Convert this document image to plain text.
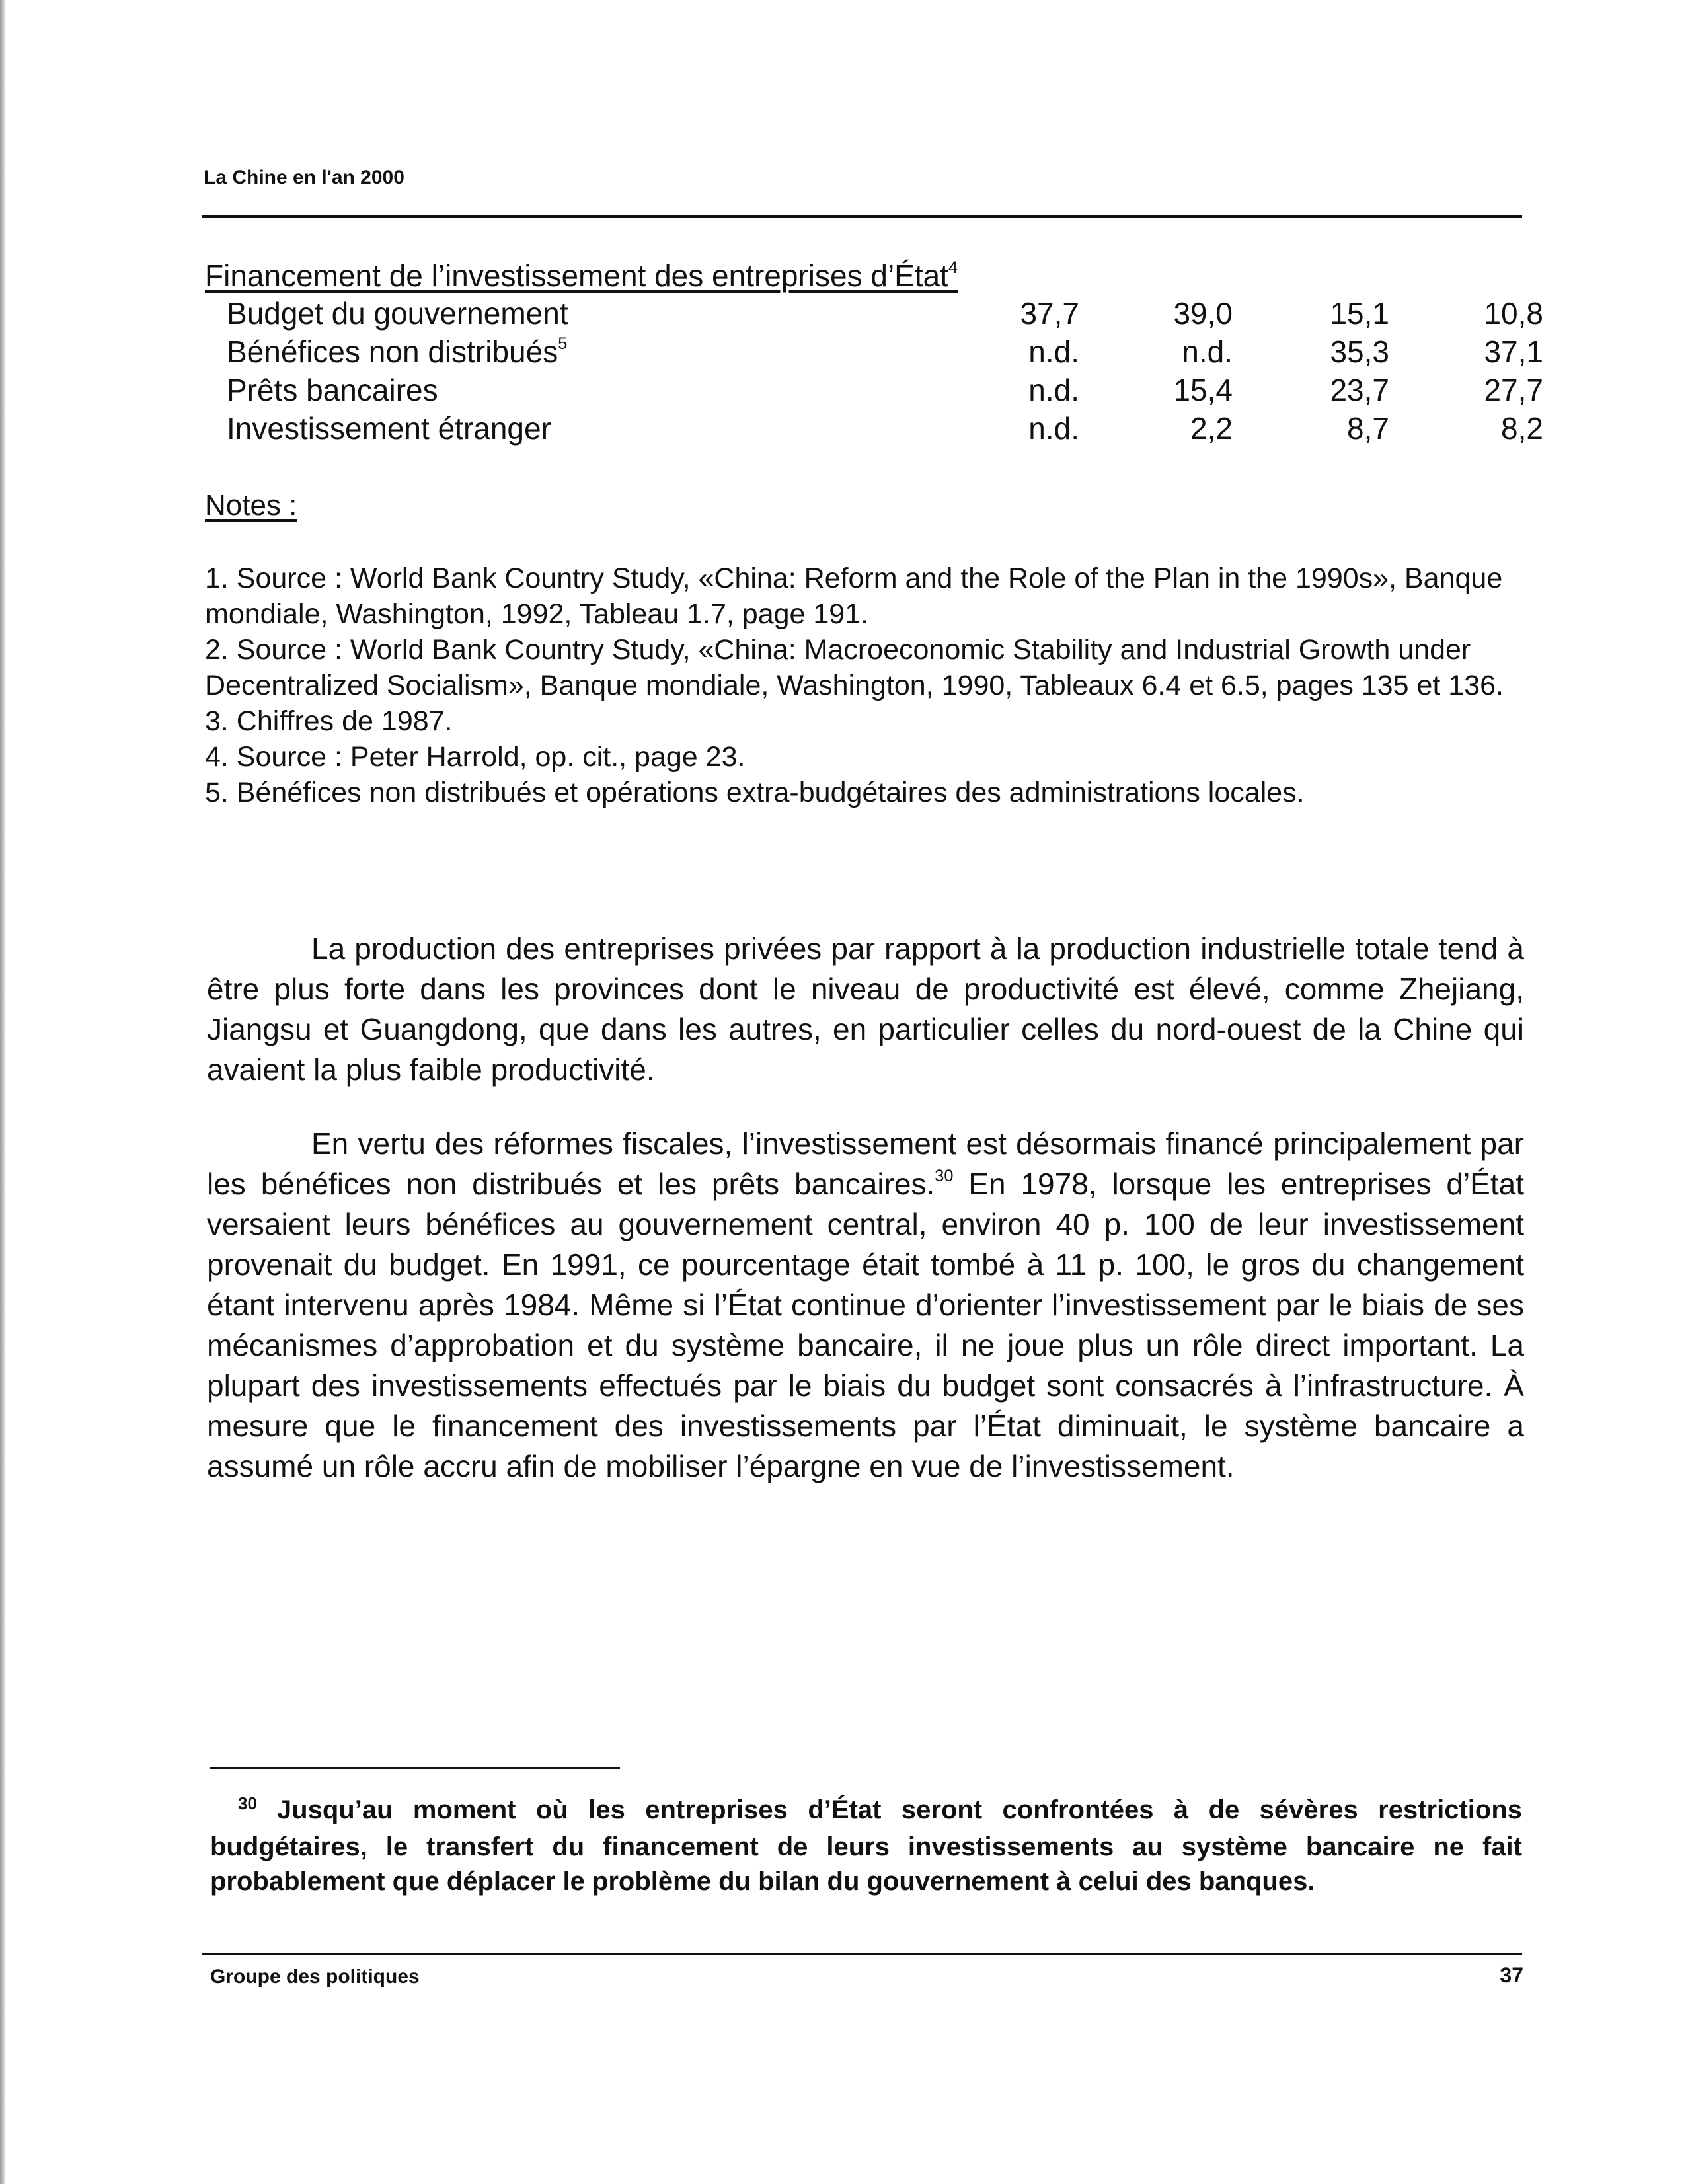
La Chine en l'an 2000
Financement de l’investissement des entreprises d’État$^4$
Budget du gouvernement	37,7	39,0	15,1	10,8
Bénéfices non distribués$^5$	n.d.	n.d.	35,3	37,1
Prêts bancaires	n.d.	15,4	23,7	27,7
Investissement étranger	n.d.	2,2	8,7	8,2
Notes :

1. Source : World Bank Country Study, «China: Reform and the Role of the Plan in the 1990s», Banque mondiale, Washington, 1992, Tableau 1.7, page 191.

2. Source : World Bank Country Study, «China: Macroeconomic Stability and Industrial Growth under Decentralized Socialism», Banque mondiale, Washington, 1990, Tableaux 6.4 et 6.5, pages 135 et 136.

3. Chiffres de 1987.

4. Source : Peter Harrold, op. cit., page 23.

5. Bénéfices non distribués et opérations extra-budgétaires des administrations locales.

La production des entreprises privées par rapport à la production industrielle totale tend à être plus forte dans les provinces dont le niveau de productivité est élevé, comme Zhejiang, Jiangsu et Guangdong, que dans les autres, en particulier celles du nord-ouest de la Chine qui avaient la plus faible productivité.

En vertu des réformes fiscales, l’investissement est désormais financé principalement par les bénéfices non distribués et les prêts bancaires.$^{30}$ En 1978, lorsque les entreprises d’État versaient leurs bénéfices au gouvernement central, environ 40 p. 100 de leur investissement provenait du budget. En 1991, ce pourcentage était tombé à 11 p. 100, le gros du changement étant intervenu après 1984. Même si l’État continue d’orienter l’investissement par le biais de ses mécanismes d’approbation et du système bancaire, il ne joue plus un rôle direct important. La plupart des investissements effectués par le biais du budget sont consacrés à l’infrastructure. À mesure que le financement des investissements par l’État diminuait, le système bancaire a assumé un rôle accru afin de mobiliser l’épargne en vue de l’investissement.

$^{30}$ Jusqu’au moment où les entreprises d’État seront confrontées à de sévères restrictions budgétaires, le transfert du financement de leurs investissements au système bancaire ne fait probablement que déplacer le problème du bilan du gouvernement à celui des banques.

Groupe des politiques	37
